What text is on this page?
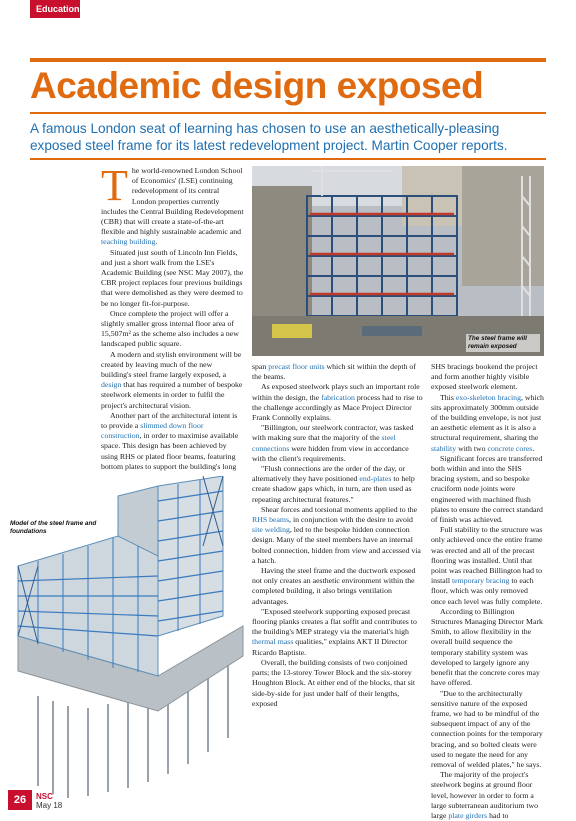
Education
Academic design exposed
A famous London seat of learning has chosen to use an aesthetically-pleasing exposed steel frame for its latest redevelopment project. Martin Cooper reports.

The world-renowned London School of Economics' (LSE) continuing redevelopment of its central London properties currently includes the Central Building Redevelopment (CBR) that will create a state-of-the-art flexible and highly sustainable academic and teaching building.

Situated just south of Lincoln Inn Fields, and just a short walk from the LSE's Academic Building (see NSC May 2007), the CBR project replaces four previous buildings that were demolished as they were deemed to be no longer fit-for-purpose.

Once complete the project will offer a slightly smaller gross internal floor area of 15,507m² as the scheme also includes a new landscaped public square.

A modern and stylish environment will be created by leaving much of the new building's steel frame largely exposed, a design that has required a number of bespoke steelwork elements in order to fulfil the project's architectural vision.

Another part of the architectural intent is to provide a slimmed down floor construction, in order to maximise available space. This design has been achieved by using RHS or plated floor beams, featuring bottom plates to support the building's long

The steel frame will remain exposed

span precast floor units which sit within the depth of the beams.

As exposed steelwork plays such an important role within the design, the fabrication process had to rise to the challenge accordingly as Mace Project Director Frank Connolly explains.

"Billington, our steelwork contractor, was tasked with making sure that the majority of the steel connections were hidden from view in accordance with the client's requirements.

"Flush connections are the order of the day, or alternatively they have positioned end-plates to help create shadow gaps which, in turn, are then used as repeating architectural features."

Shear forces and torsional moments applied to the RHS beams, in conjunction with the desire to avoid site welding, led to the bespoke hidden connection design. Many of the steel members have an internal bolted connection, hidden from view and accessed via a hatch.

Having the steel frame and the ductwork exposed not only creates an aesthetic environment within the completed building, it also brings ventilation advantages.

"Exposed steelwork supporting exposed precast flooring planks creates a flat soffit and contributes to the building's MEP strategy via the material's high thermal mass qualities," explains AKT II Director Ricardo Baptiste.

Overall, the building consists of two conjoined parts; the 13-storey Tower Block and the six-storey Houghton Block. At either end of the blocks, that sit side-by-side for just under half of their lengths, exposed

SHS bracings bookend the project and form another highly visible exposed steelwork element.

This exo-skeleton bracing, which sits approximately 300mm outside of the building envelope, is not just an aesthetic element as it is also a structural requirement, sharing the stability with two concrete cores.

Significant forces are transferred both within and into the SHS bracing system, and so bespoke cruciform node joints were engineered with machined flush plates to ensure the correct standard of finish was achieved.

Full stability to the structure was only achieved once the entire frame was erected and all of the precast flooring was installed. Until that point was reached Billington had to install temporary bracing to each floor, which was only removed once each level was fully complete.

According to Billington Structures Managing Director Mark Smith, to allow flexibility in the overall build sequence the temporary stability system was developed to largely ignore any benefit that the concrete cores may have offered.

"Due to the architecturally sensitive nature of the exposed frame, we had to be mindful of the subsequent impact of any of the connection points for the temporary bracing, and so bolted cleats were used to negate the need for any removal of welded plates," he says.

The majority of the project's steelwork begins at ground floor level, however in order to form a large subterranean auditorium two large plate girders had to

Model of the steel frame and foundations
26	NSC
May 18
